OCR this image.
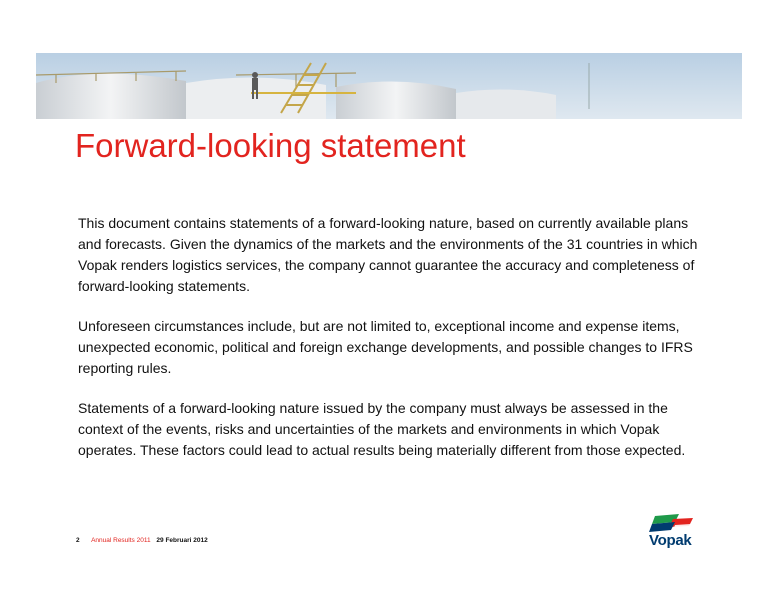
Forward-looking statement

This document contains statements of a forward-looking nature, based on currently available plans and forecasts. Given the dynamics of the markets and the environments of the 31 countries in which Vopak renders logistics services, the company cannot guarantee the accuracy and completeness of forward-looking statements.

Unforeseen circumstances include, but are not limited to, exceptional income and expense items, unexpected economic, political and foreign exchange developments, and possible changes to IFRS reporting rules.

Statements of a forward-looking nature issued by the company must always be assessed in the context of the events, risks and uncertainties of the markets and environments in which Vopak operates. These factors could lead to actual results being materially different from those expected.

2 Annual Results 2011 29 Februari 2012	Vopak
